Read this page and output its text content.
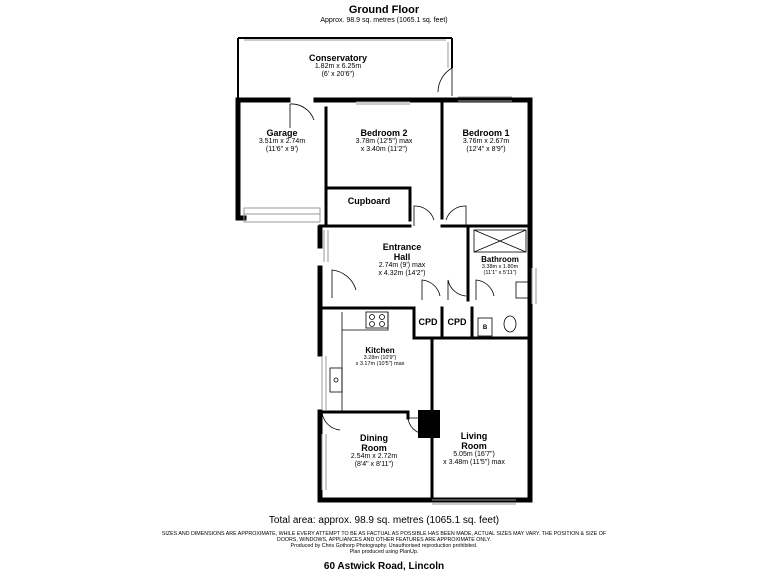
Ground Floor
Approx. 98.9 sq. metres (1065.1 sq. feet)
Conservatory
1.82m x 6.25m
(6' x 20'6")
Garage
3.51m x 2.74m
(11'6" x 9')
Bedroom 2
3.78m (12'5") max
x 3.40m (11'2")
Bedroom 1
3.76m x 2.67m
(12'4" x 8'9")
Cupboard
Entrance
Hall
2.74m (9') max
x 4.32m (14'2")
Bathroom
3.38m x 1.80m
(11'1" x 5'11")
CPD	CPD
B
Kitchen
3.28m (10'9")
x 3.17m (10'5") max
Dining
Room
2.54m x 2.72m
(8'4" x 8'11")
Living
Room
5.05m (16'7")
x 3.48m (11'5") max
Total area: approx. 98.9 sq. metres (1065.1 sq. feet)
SIZES AND DIMENSIONS ARE APPROXIMATE, WHILE EVERY ATTEMPT TO BE AS FACTUAL AS POSSIBLE HAS BEEN MADE, ACTUAL SIZES MAY VARY. THE POSITION & SIZE OF
DOORS, WINDOWS, APPLIANCES AND OTHER FEATURES ARE APPROXIMATE ONLY.
Produced by Chris Gothorp Photography. Unauthorised reproduction prohibited.
Plan produced using PlanUp.
60 Astwick Road, Lincoln
